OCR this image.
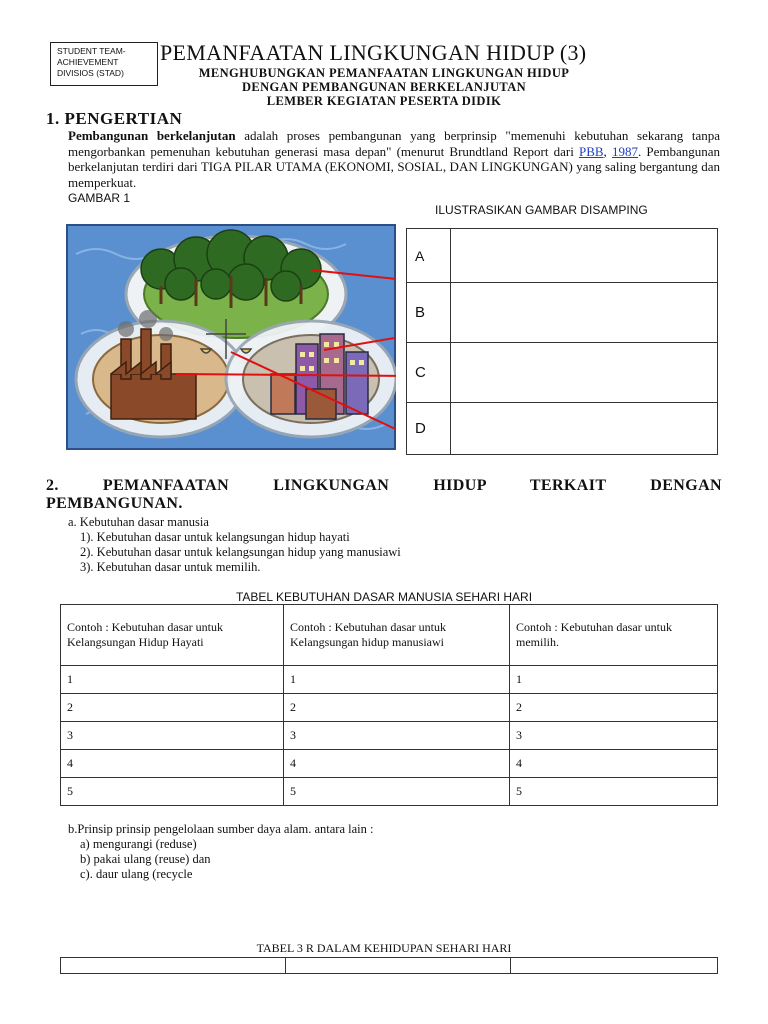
STUDENT TEAM-
ACHIEVEMENT
DIVISIOS (STAD)
PEMANFAATAN LINGKUNGAN HIDUP (3)
MENGHUBUNGKAN PEMANFAATAN LINGKUNGAN HIDUP
DENGAN PEMBANGUNAN BERKELANJUTAN
LEMBER KEGIATAN PESERTA DIDIK
1. PENGERTIAN
Pembangunan berkelanjutan adalah proses pembangunan yang berprinsip "memenuhi kebutuhan sekarang tanpa mengorbankan pemenuhan kebutuhan generasi masa depan" (menurut Brundtland Report dari PBB, 1987. Pembangunan berkelanjutan terdiri dari TIGA PILAR UTAMA (EKONOMI, SOSIAL, DAN LINGKUNGAN) yang saling bergantung dan memperkuat.
GAMBAR 1
ILUSTRASIKAN GAMBAR DISAMPING
A	
B	
C	
D	
2. PEMANFAATAN LINGKUNGAN HIDUP TERKAIT DENGAN
PEMBANGUNAN.
a. Kebutuhan dasar manusia
1). Kebutuhan dasar untuk kelangsungan hidup hayati
2). Kebutuhan dasar untuk kelangsungan hidup yang manusiawi
3). Kebutuhan dasar untuk memilih.
TABEL KEBUTUHAN DASAR MANUSIA SEHARI HARI
Contoh : Kebutuhan dasar untuk Kelangsungan Hidup Hayati	Contoh : Kebutuhan dasar untuk Kelangsungan hidup manusiawi	Contoh : Kebutuhan dasar untuk memilih.
1	1	1
2	2	2
3	3	3
4	4	4
5	5	5
b.Prinsip prinsip pengelolaan sumber daya alam. antara lain :
a) mengurangi (reduse)
b) pakai ulang (reuse) dan
c). daur ulang (recycle
TABEL 3 R DALAM KEHIDUPAN SEHARI HARI
